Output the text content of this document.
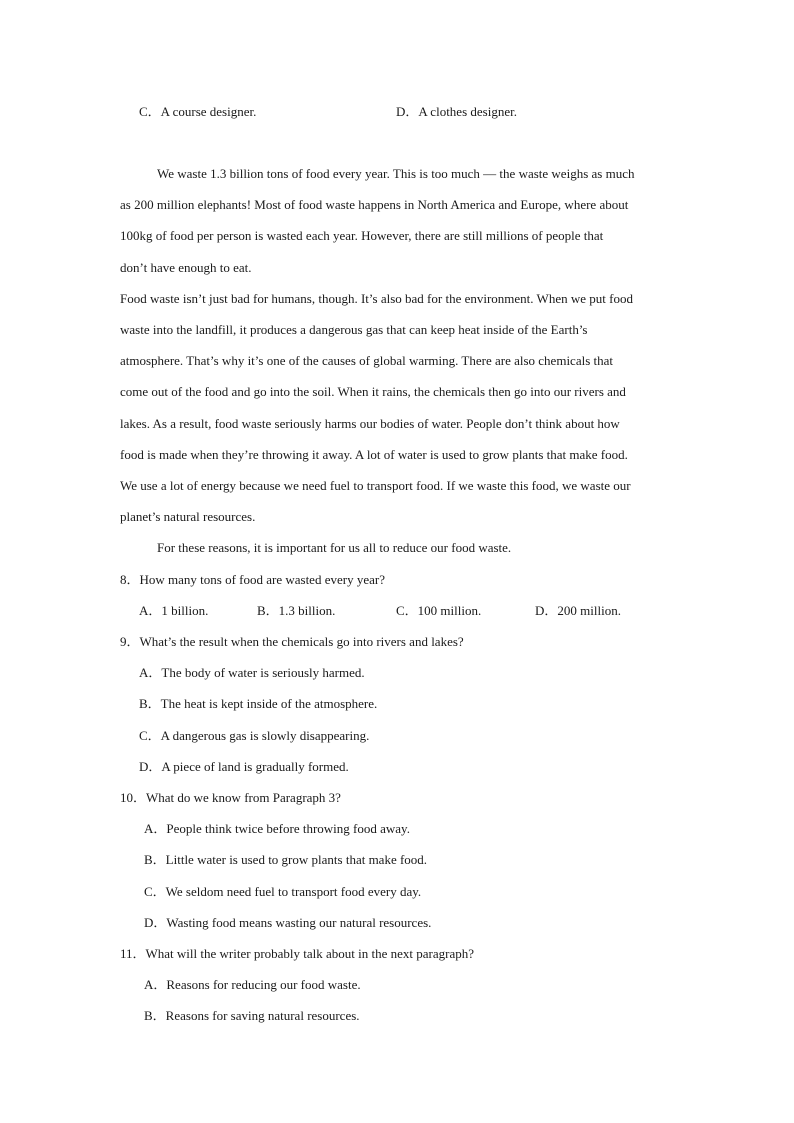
C．A course designer.	D．A clothes designer.
We waste 1.3 billion tons of food every year. This is too much — the waste weighs as much
as 200 million elephants! Most of food waste happens in North America and Europe, where about
100kg of food per person is wasted each year. However, there are still millions of people that
don’t have enough to eat.
Food waste isn’t just bad for humans, though. It’s also bad for the environment. When we put food
waste into the landfill, it produces a dangerous gas that can keep heat inside of the Earth’s
atmosphere. That’s why it’s one of the causes of global warming. There are also chemicals that
come out of the food and go into the soil. When it rains, the chemicals then go into our rivers and
lakes. As a result, food waste seriously harms our bodies of water. People don’t think about how
food is made when they’re throwing it away. A lot of water is used to grow plants that make food.
We use a lot of energy because we need fuel to transport food. If we waste this food, we waste our
planet’s natural resources.
For these reasons, it is important for us all to reduce our food waste.
8．How many tons of food are wasted every year?
A．1 billion.	B．1.3 billion.	C．100 million.	D．200 million.
9．What’s the result when the chemicals go into rivers and lakes?
A．The body of water is seriously harmed.
B．The heat is kept inside of the atmosphere.
C．A dangerous gas is slowly disappearing.
D．A piece of land is gradually formed.
10．What do we know from Paragraph 3?
A．People think twice before throwing food away.
B．Little water is used to grow plants that make food.
C．We seldom need fuel to transport food every day.
D．Wasting food means wasting our natural resources.
11．What will the writer probably talk about in the next paragraph?
A．Reasons for reducing our food waste.
B．Reasons for saving natural resources.
